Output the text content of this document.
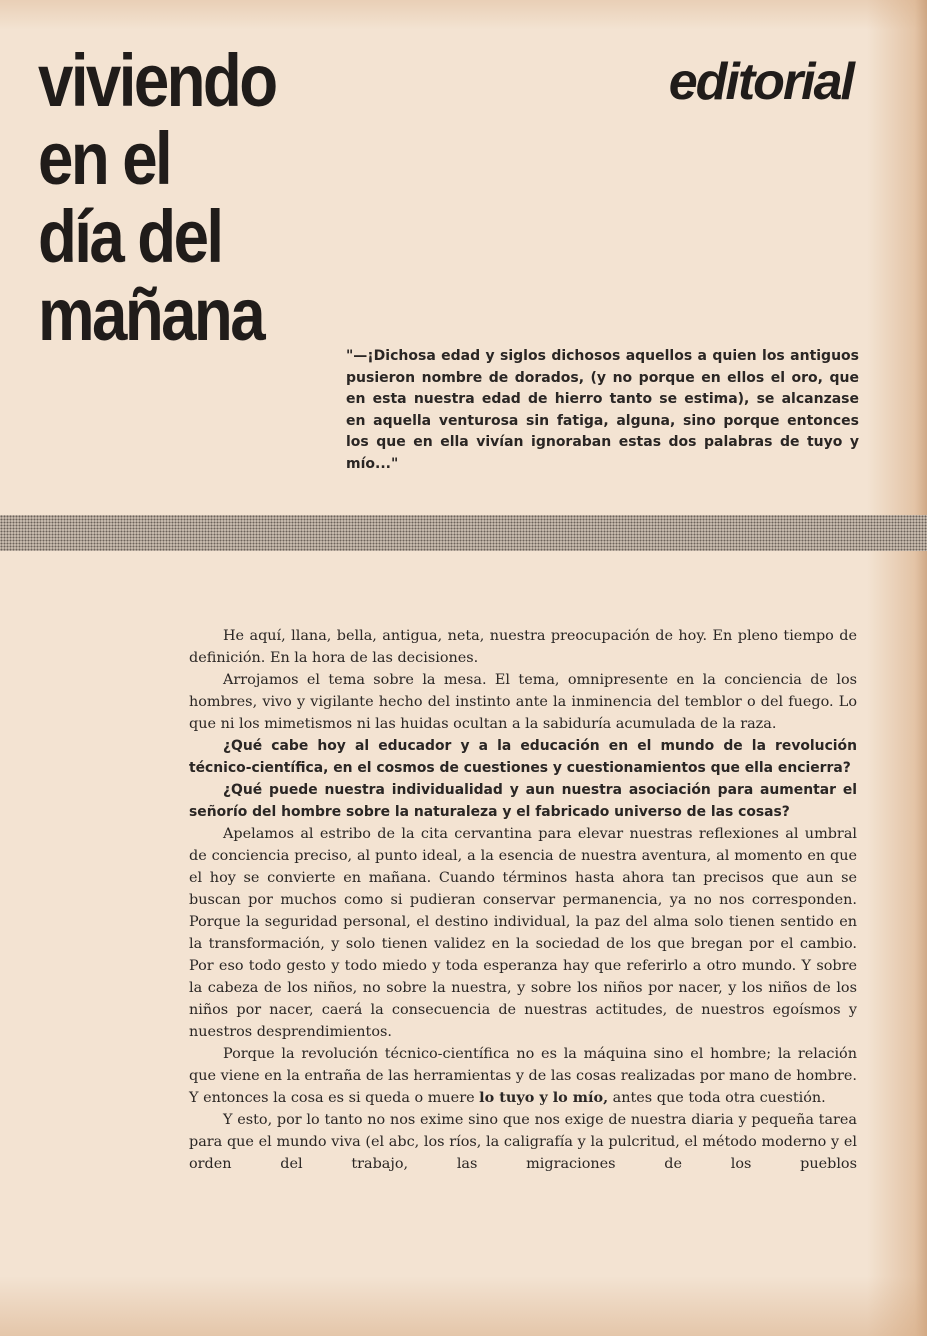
viviendo
en el
día del
mañana
editorial

"—¡Dichosa edad y siglos dichosos aquellos a quien los antiguos pusieron nombre de dorados, (y no porque en ellos el oro, que en esta nuestra edad de hierro tanto se estima), se alcanzase en aquella venturosa sin fatiga, alguna, sino porque entonces los que en ella vivían ignoraban estas dos palabras de tuyo y mío..."

He aquí, llana, bella, antigua, neta, nuestra preocupación de hoy. En pleno tiempo de definición. En la hora de las decisiones.

Arrojamos el tema sobre la mesa. El tema, omnipresente en la conciencia de los hombres, vivo y vigilante hecho del instinto ante la inminencia del temblor o del fuego. Lo que ni los mimetismos ni las huidas ocultan a la sabiduría acumulada de la raza.

¿Qué cabe hoy al educador y a la educación en el mundo de la revolución técnico-científica, en el cosmos de cuestiones y cuestionamientos que ella encierra?

¿Qué puede nuestra individualidad y aun nuestra asociación para aumentar el señorío del hombre sobre la naturaleza y el fabricado universo de las cosas?

Apelamos al estribo de la cita cervantina para elevar nuestras reflexiones al umbral de conciencia preciso, al punto ideal, a la esencia de nuestra aventura, al momento en que el hoy se convierte en mañana. Cuando términos hasta ahora tan precisos que aun se buscan por muchos como si pudieran conservar permanencia, ya no nos corresponden. Porque la seguridad personal, el destino individual, la paz del alma solo tienen sentido en la transformación, y solo tienen validez en la sociedad de los que bregan por el cambio. Por eso todo gesto y todo miedo y toda esperanza hay que referirlo a otro mundo. Y sobre la cabeza de los niños, no sobre la nuestra, y sobre los niños por nacer, y los niños de los niños por nacer, caerá la consecuencia de nuestras actitudes, de nuestros egoísmos y nuestros desprendimientos.

Porque la revolución técnico-científica no es la máquina sino el hombre; la relación que viene en la entraña de las herramientas y de las cosas realizadas por mano de hombre. Y entonces la cosa es si queda o muere lo tuyo y lo mío, antes que toda otra cuestión.

Y esto, por lo tanto no nos exime sino que nos exige de nuestra diaria y pequeña tarea para que el mundo viva (el abc, los ríos, la caligrafía y la pulcritud, el método moderno y el orden del trabajo, las migraciones de los pueblos
